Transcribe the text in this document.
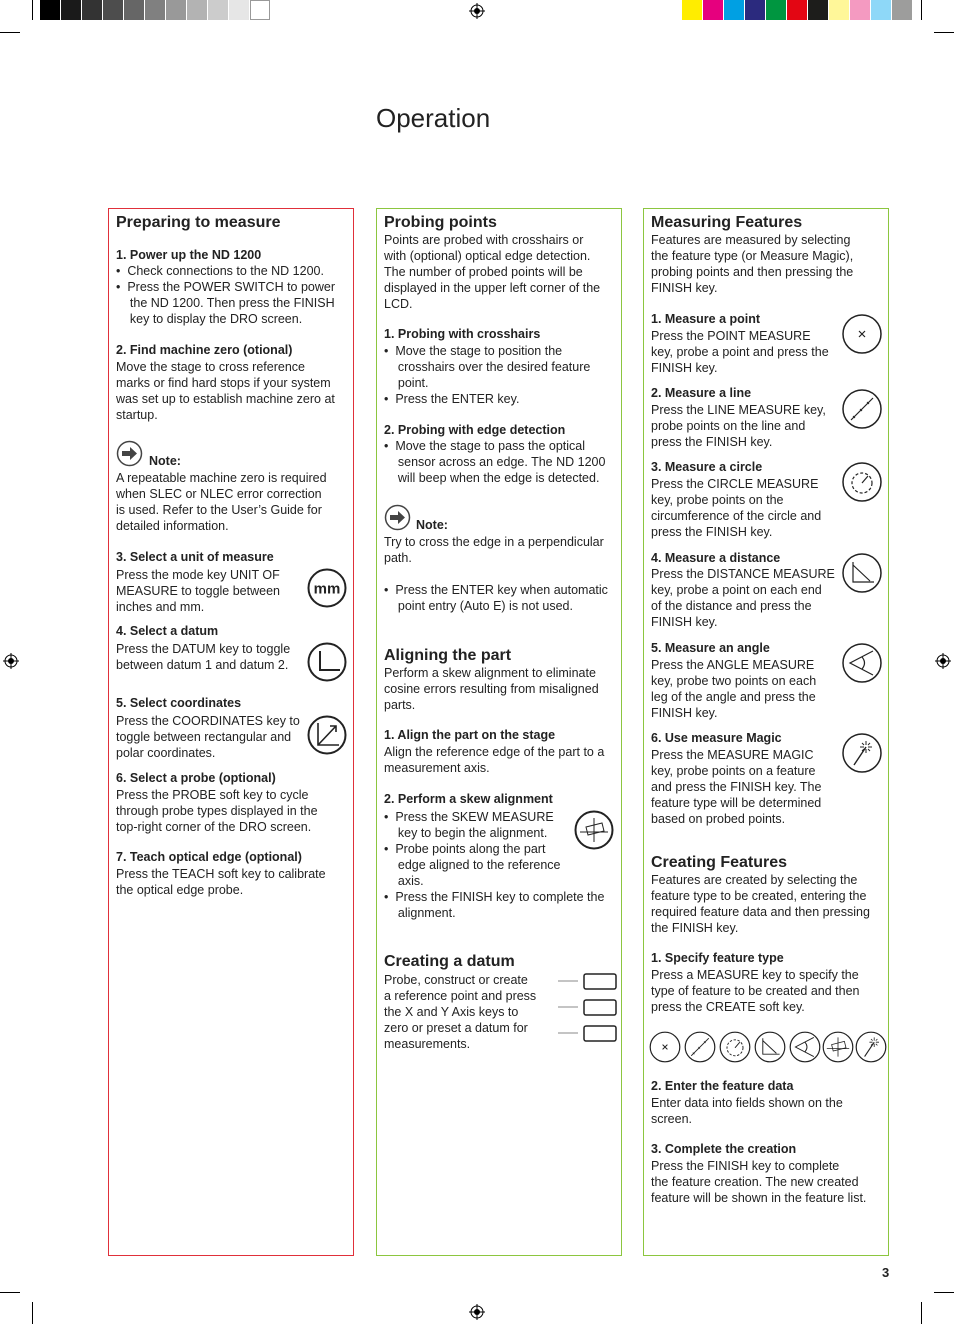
Operation
Preparing to measure
1. Power up the ND 1200
•  Check connections to the ND 1200.
•  Press the POWER SWITCH to power
the ND 1200. Then press the FINISH
key to display the DRO screen.
2. Find machine zero (otional)
Move the stage to cross reference
marks or find hard stops if your system
was set up to establish machine zero at
startup.
Note:
A repeatable machine zero is required
when SLEC or NLEC error correction
is used. Refer to the User’s Guide for
detailed information.
3. Select a unit of measure
Press the mode key UNIT OF
MEASURE to toggle between
inches and mm.
mm
4. Select a datum
Press the DATUM key to toggle
between datum 1 and datum 2.
5. Select coordinates
Press the COORDINATES key to
toggle between rectangular and
polar coordinates.
6. Select a probe (optional)
Press the PROBE soft key to cycle
through probe types displayed in the
top-right corner of the DRO screen.
7. Teach optical edge (optional)
Press the TEACH soft key to calibrate
the optical edge probe.
Probing points
Points are probed with crosshairs or
with (optional) optical edge detection.
The number of probed points will be
displayed in the upper left corner of the
LCD.
1. Probing with crosshairs
•  Move the stage to position the
crosshairs over the desired feature
point.
•  Press the ENTER key.
2. Probing with edge detection
•  Move the stage to pass the optical
sensor across an edge. The ND 1200
will beep when the edge is detected.
Note:
Try to cross the edge in a perpendicular
path.

•  Press the ENTER key when automatic
point entry (Auto E) is not used.
Aligning the part
Perform a skew alignment to eliminate
cosine errors resulting from misaligned
parts.
1. Align the part on the stage
Align the reference edge of the part to a
measurement axis.
2. Perform a skew alignment
•  Press the SKEW MEASURE
key to begin the alignment.
•  Probe points along the part
edge aligned to the reference
axis.
•  Press the FINISH key to complete the
alignment.
Creating a datum
Probe, construct or create
a reference point and press
the X and Y Axis keys to
zero or preset a datum for
measurements.
Measuring Features
Features are measured by selecting
the feature type (or Measure Magic),
probing points and then pressing the
FINISH key.
1. Measure a point
Press the POINT MEASURE
key, probe a point and press the
FINISH key.
2. Measure a line
Press the LINE MEASURE key,
probe points on the line and
press the FINISH key.
3. Measure a circle
Press the CIRCLE MEASURE
key, probe points on the
circumference of the circle and
press the FINISH key.
4. Measure a distance
Press the DISTANCE MEASURE
key, probe a point on each end
of the distance and press the
FINISH key.
5. Measure an angle
Press the ANGLE MEASURE
key, probe two points on each
leg of the angle and press the
FINISH key.
6. Use measure Magic
Press the MEASURE MAGIC
key, probe points on a feature
and press the FINISH key. The
feature type will be determined
based on probed points.
Creating Features
Features are created by selecting the
feature type to be created, entering the
required feature data and then pressing
the FINISH key.
1. Specify feature type
Press a MEASURE key to specify the
type of feature to be created and then
press the CREATE soft key.
2. Enter the feature data
Enter data into fields shown on the
screen.
3. Complete the creation
Press the FINISH key to complete
the feature creation. The new created
feature will be shown in the feature list.
3
